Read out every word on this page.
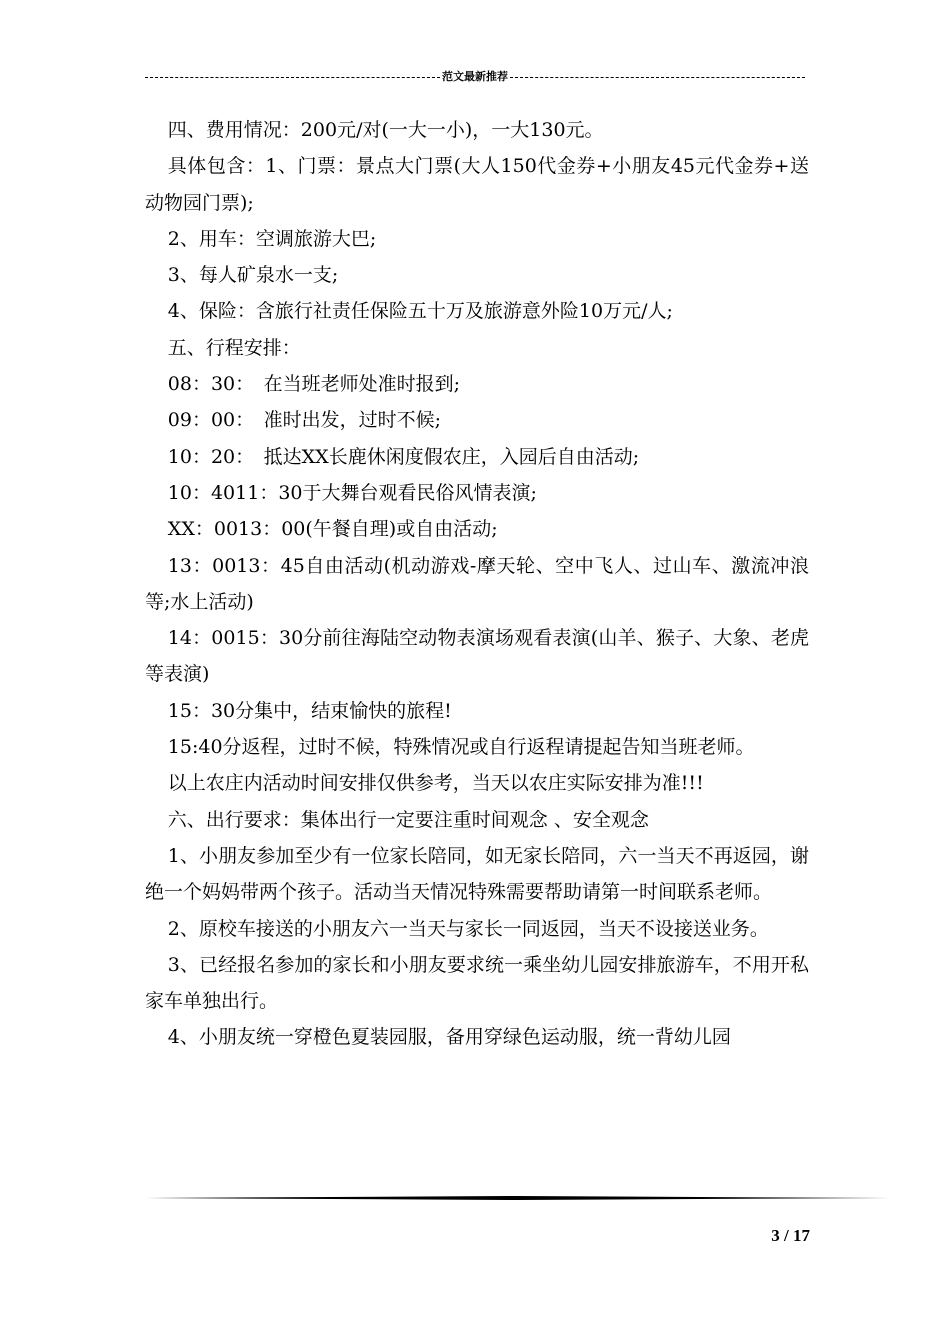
范文最新推荐

四、费用情况：200元/对(一大一小)，一大130元。

具体包含：1、门票：景点大门票(大人150代金券+小朋友45元代金券+送动物园门票);

2、用车：空调旅游大巴;

3、每人矿泉水一支;

4、保险：含旅行社责任保险五十万及旅游意外险10万元/人;

五、行程安排：

08：30：　在当班老师处准时报到;

09：00：　准时出发，过时不候;

10：20：　抵达XX长鹿休闲度假农庄，入园后自由活动;

10：4011：30于大舞台观看民俗风情表演;

XX：0013：00(午餐自理)或自由活动;

13：0013：45自由活动(机动游戏-摩天轮、空中飞人、过山车、激流冲浪等;水上活动)

14：0015：30分前往海陆空动物表演场观看表演(山羊、猴子、大象、老虎等表演)

15：30分集中，结束愉快的旅程!

15:40分返程，过时不候，特殊情况或自行返程请提起告知当班老师。

以上农庄内活动时间安排仅供参考，当天以农庄实际安排为准!!!

六、出行要求：集体出行一定要注重时间观念 、安全观念

1、小朋友参加至少有一位家长陪同，如无家长陪同，六一当天不再返园，谢绝一个妈妈带两个孩子。活动当天情况特殊需要帮助请第一时间联系老师。

2、原校车接送的小朋友六一当天与家长一同返园，当天不设接送业务。

3、已经报名参加的家长和小朋友要求统一乘坐幼儿园安排旅游车，不用开私家车单独出行。

4、小朋友统一穿橙色夏装园服，备用穿绿色运动服，统一背幼儿园

3 / 17
